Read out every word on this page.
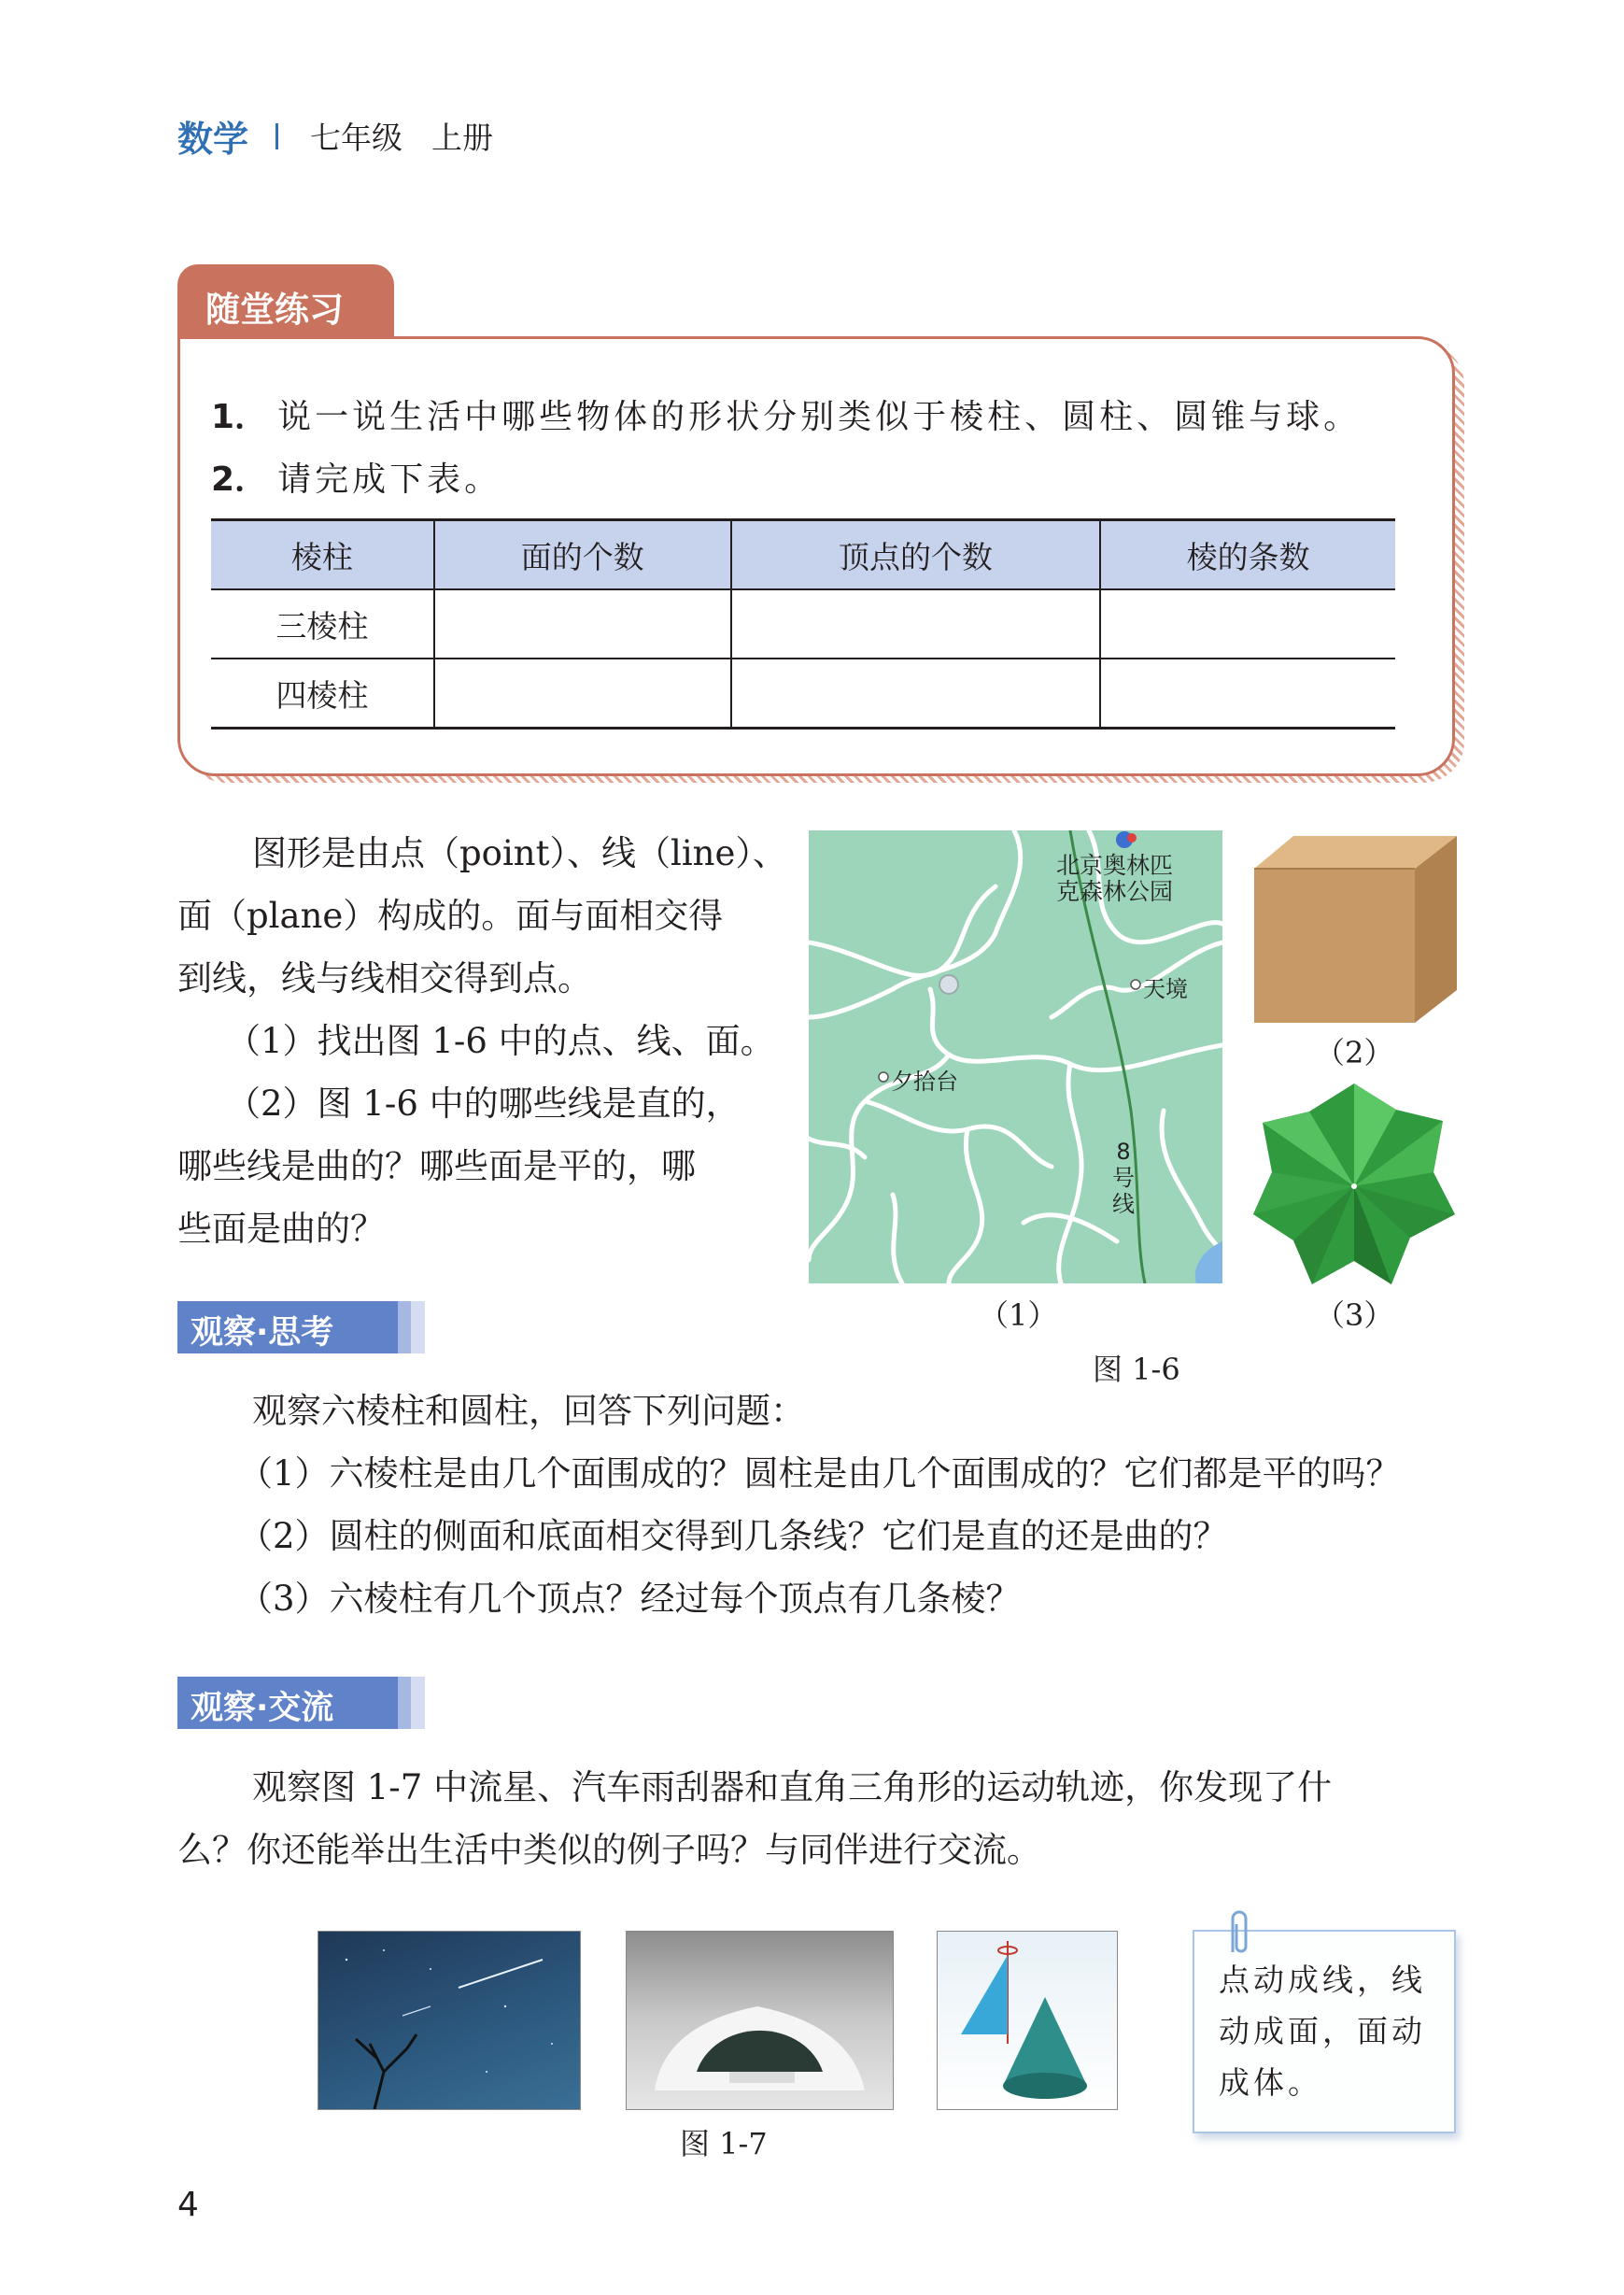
数学 七年级 上册
随堂练习
1． 说一说生活中哪些物体的形状分别类似于棱柱、圆柱、圆锥与球。
2． 请完成下表。
棱柱	面的个数	顶点的个数	棱的条数
三棱柱			
四棱柱			
图形是由点（point）、线（line）、
面（plane）构成的。面与面相交得
到线，线与线相交得到点。
（1）找出图 1-6 中的点、线、面。
（2）图 1-6 中的哪些线是直的，
哪些线是曲的？哪些面是平的，哪
些面是曲的？
北京奥林匹
克森林公园
天境
夕拾台
8
号
线
（2）
（3）
（1）
图 1-6
观察·思考
观察六棱柱和圆柱，回答下列问题：
（1）六棱柱是由几个面围成的？圆柱是由几个面围成的？它们都是平的吗？
（2）圆柱的侧面和底面相交得到几条线？它们是直的还是曲的？
（3）六棱柱有几个顶点？经过每个顶点有几条棱？
观察·交流
观察图 1-7 中流星、汽车雨刮器和直角三角形的运动轨迹，你发现了什
么？你还能举出生活中类似的例子吗？与同伴进行交流。
图 1-7
点动成线，线
动成面，面动
成体。
4
